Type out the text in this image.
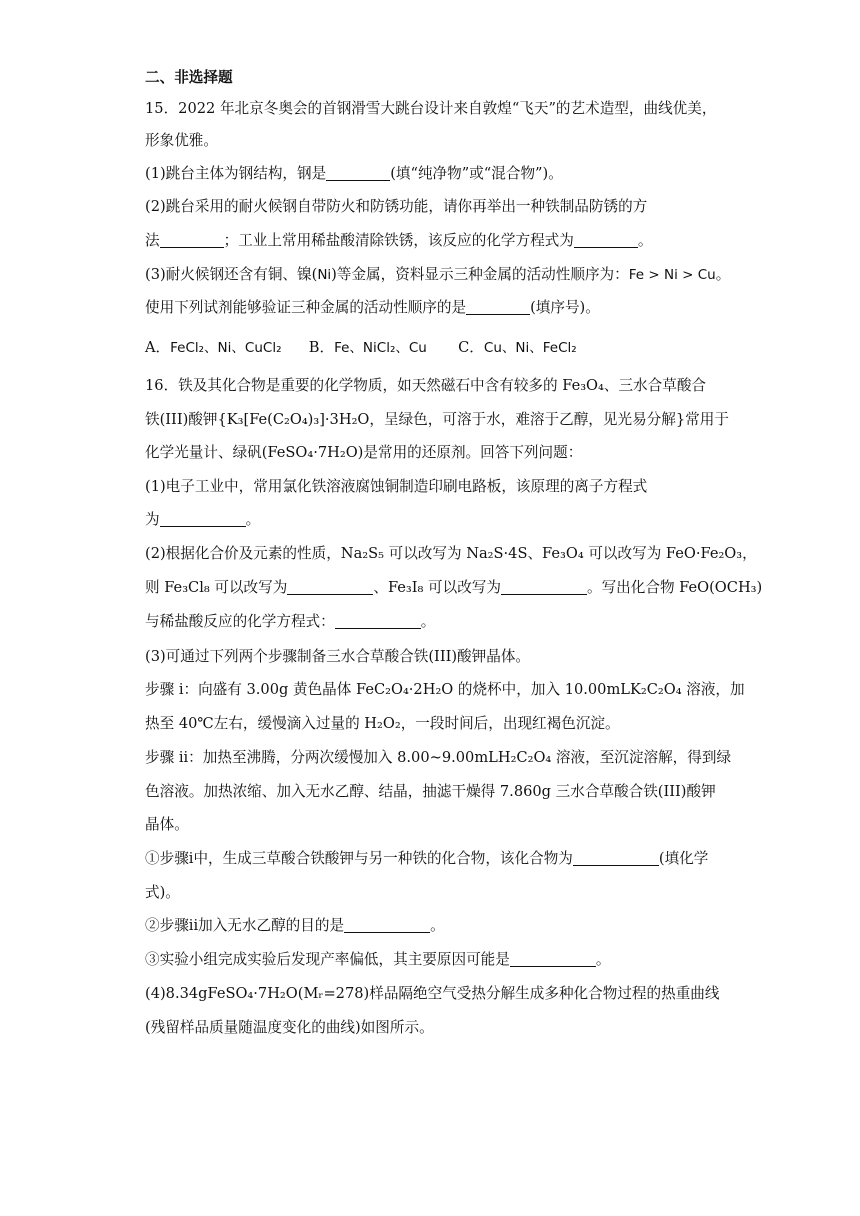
二、非选择题
15．2022 年北京冬奥会的首钢滑雪大跳台设计来自敦煌“飞天”的艺术造型，曲线优美，
形象优雅。
(1)跳台主体为钢结构，钢是	(填“纯净物”或“混合物”)。
(2)跳台采用的耐火候钢自带防火和防锈功能，请你再举出一种铁制品防锈的方
法	；工业上常用稀盐酸清除铁锈，该反应的化学方程式为	。
(3)耐火候钢还含有铜、镍(Ni)等金属，资料显示三种金属的活动性顺序为：Fe > Ni > Cu。
使用下列试剂能够验证三种金属的活动性顺序的是	(填序号)。
A．FeCl₂、Ni、CuCl₂ B．Fe、NiCl₂、Cu C．Cu、Ni、FeCl₂
16．铁及其化合物是重要的化学物质，如天然磁石中含有较多的 Fe₃O₄、三水合草酸合
铁(III)酸钾{K₃[Fe(C₂O₄)₃]·3H₂O，呈绿色，可溶于水，难溶于乙醇，见光易分解}常用于
化学光量计、绿矾(FeSO₄·7H₂O)是常用的还原剂。回答下列问题：
(1)电子工业中，常用氯化铁溶液腐蚀铜制造印刷电路板，该原理的离子方程式
为	。
(2)根据化合价及元素的性质，Na₂S₅ 可以改写为 Na₂S·4S、Fe₃O₄ 可以改写为 FeO·Fe₂O₃，
则 Fe₃Cl₈ 可以改写为	、Fe₃I₈ 可以改写为	。写出化合物 FeO(OCH₃)
与稀盐酸反应的化学方程式：	。
(3)可通过下列两个步骤制备三水合草酸合铁(III)酸钾晶体。
步骤 i：向盛有 3.00g 黄色晶体 FeC₂O₄·2H₂O 的烧杯中，加入 10.00mLK₂C₂O₄ 溶液，加
热至 40℃左右，缓慢滴入过量的 H₂O₂，一段时间后，出现红褐色沉淀。
步骤 ii：加热至沸腾，分两次缓慢加入 8.00~9.00mLH₂C₂O₄ 溶液，至沉淀溶解，得到绿
色溶液。加热浓缩、加入无水乙醇、结晶，抽滤干燥得 7.860g 三水合草酸合铁(III)酸钾
晶体。
①步骤i中，生成三草酸合铁酸钾与另一种铁的化合物，该化合物为	(填化学
式)。
②步骤ii加入无水乙醇的目的是	。
③实验小组完成实验后发现产率偏低，其主要原因可能是	。
(4)8.34gFeSO₄·7H₂O(Mᵣ=278)样品隔绝空气受热分解生成多种化合物过程的热重曲线
(残留样品质量随温度变化的曲线)如图所示。
